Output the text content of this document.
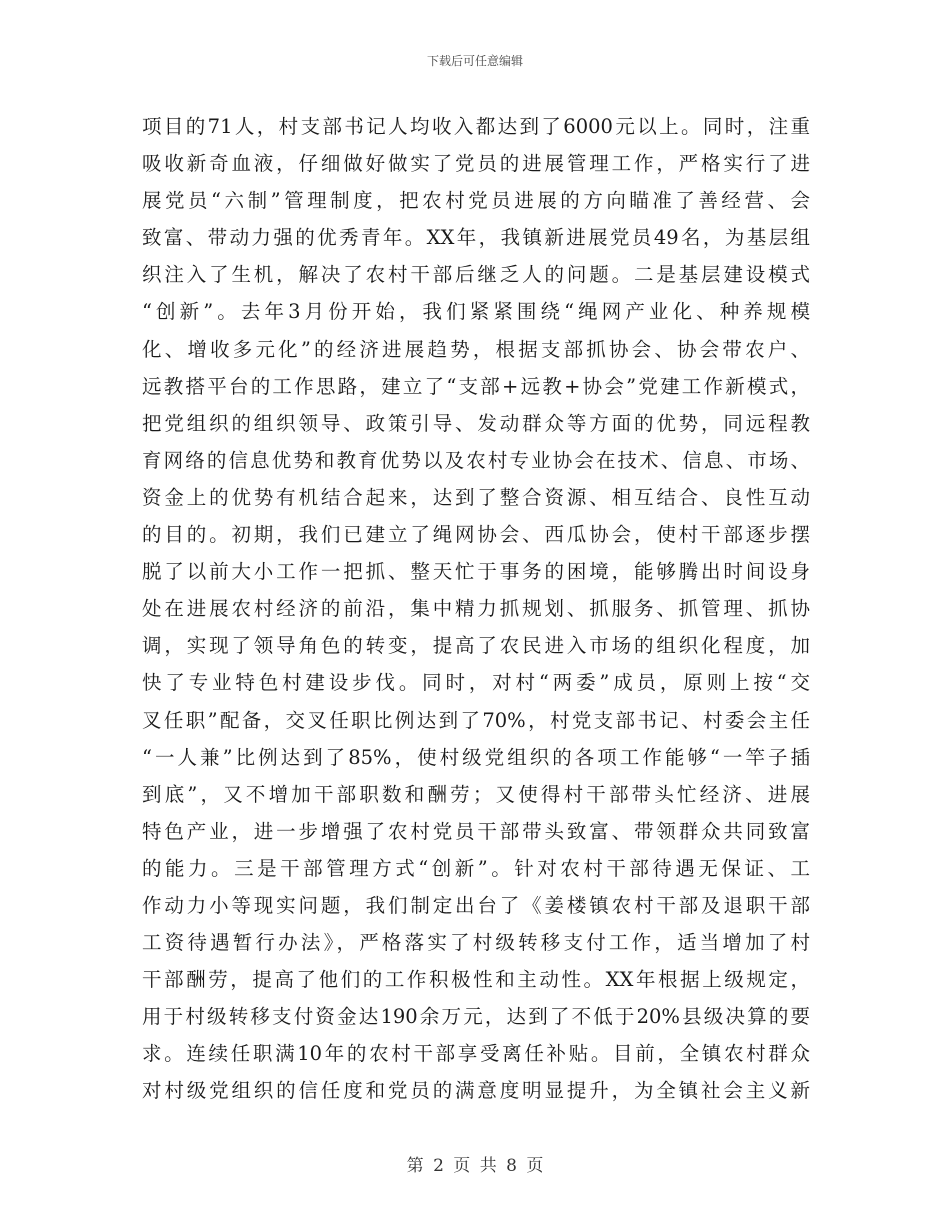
下载后可任意编辑
项目的71人，村支部书记人均收入都达到了6000元以上。同时，注重
吸收新奇血液，仔细做好做实了党员的进展管理工作，严格实行了进
展党员“六制”管理制度，把农村党员进展的方向瞄准了善经营、会
致富、带动力强的优秀青年。XX年，我镇新进展党员49名，为基层组
织注入了生机，解决了农村干部后继乏人的问题。二是基层建设模式
“创新”。去年3月份开始，我们紧紧围绕“绳网产业化、种养规模
化、增收多元化”的经济进展趋势，根据支部抓协会、协会带农户、
远教搭平台的工作思路，建立了“支部+远教+协会”党建工作新模式，
把党组织的组织领导、政策引导、发动群众等方面的优势，同远程教
育网络的信息优势和教育优势以及农村专业协会在技术、信息、市场、
资金上的优势有机结合起来，达到了整合资源、相互结合、良性互动
的目的。初期，我们已建立了绳网协会、西瓜协会，使村干部逐步摆
脱了以前大小工作一把抓、整天忙于事务的困境，能够腾出时间设身
处在进展农村经济的前沿，集中精力抓规划、抓服务、抓管理、抓协
调，实现了领导角色的转变，提高了农民进入市场的组织化程度，加
快了专业特色村建设步伐。同时，对村“两委”成员，原则上按“交
叉任职”配备，交叉任职比例达到了70%，村党支部书记、村委会主任
“一人兼”比例达到了85%，使村级党组织的各项工作能够“一竿子插
到底”，又不增加干部职数和酬劳；又使得村干部带头忙经济、进展
特色产业，进一步增强了农村党员干部带头致富、带领群众共同致富
的能力。三是干部管理方式“创新”。针对农村干部待遇无保证、工
作动力小等现实问题，我们制定出台了《姜楼镇农村干部及退职干部
工资待遇暂行办法》，严格落实了村级转移支付工作，适当增加了村
干部酬劳，提高了他们的工作积极性和主动性。XX年根据上级规定，
用于村级转移支付资金达190余万元，达到了不低于20%县级决算的要
求。连续任职满10年的农村干部享受离任补贴。目前，全镇农村群众
对村级党组织的信任度和党员的满意度明显提升，为全镇社会主义新
第 2 页 共 8 页
